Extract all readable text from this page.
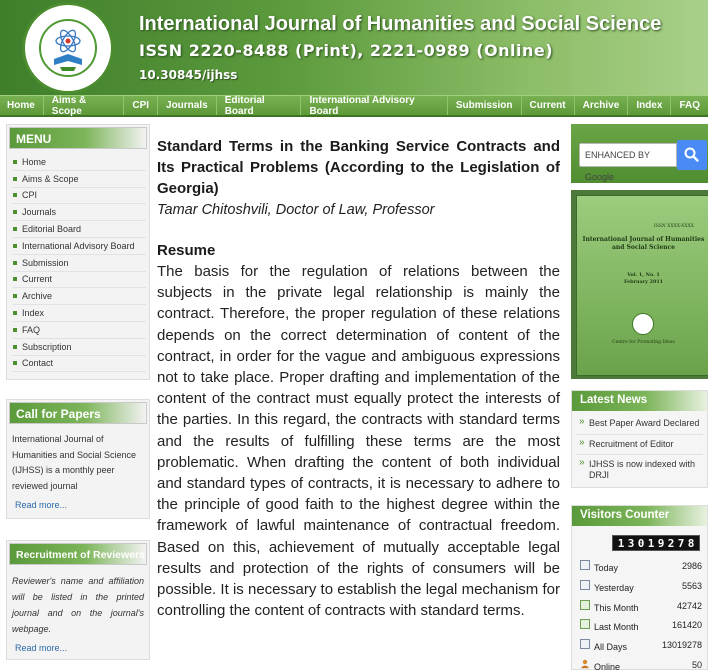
International Journal of Humanities and Social Science
ISSN 2220-8488 (Print), 2221-0989 (Online)
10.30845/ijhss
Home	Aims & Scope	CPI	Journals	Editorial Board
International Advisory Board	Submission	Current	Archive	Index	FAQ
MENU
Home
Aims & Scope
CPI
Journals
Editorial Board
International Advisory Board
Submission
Current
Archive
Index
FAQ
Subscription
Contact
Call for Papers
International Journal of Humanities and Social Science (IJHSS) is a monthly peer reviewed journal
Read more...
Recruitment of Reviewers
Reviewer's name and affiliation will be listed in the printed journal and on the journal's webpage.
Read more...
Standard Terms in the Banking Service Contracts and Its Practical Problems (According to the Legislation of Georgia)
Tamar Chitoshvili, Doctor of Law, Professor
Resume
The basis for the regulation of relations between the subjects in the private legal relationship is mainly the contract. Therefore, the proper regulation of these relations depends on the correct determination of content of the contract, in order for the vague and ambiguous expressions not to take place. Proper drafting and implementation of the content of the contract must equally protect the interests of the parties. In this regard, the contracts with standard terms and the results of fulfilling these terms are the most problematic. When drafting the content of both individual and standard types of contracts, it is necessary to adhere to the principle of good faith to the highest degree within the framework of lawful maintenance of contractual freedom. Based on this, achievement of mutually acceptable legal results and protection of the rights of consumers will be possible. It is necessary to establish the legal mechanism for controlling the content of contracts with standard terms.
ENHANCED BY Google
ISSN XXXX-XXXX
International Journal of Humanities and Social Science
Vol. 1, No. 1
February 2011
Centre for Promoting Ideas
Latest News
» Best Paper Award Declared
» Recruitment of Editor
» IJHSS is now indexed with DRJI
Visitors Counter
1 3 0 1 9 2 7 8
Today	2986
Yesterday	5563
This Month	42742
Last Month	161420
All Days	13019278
Online	50
